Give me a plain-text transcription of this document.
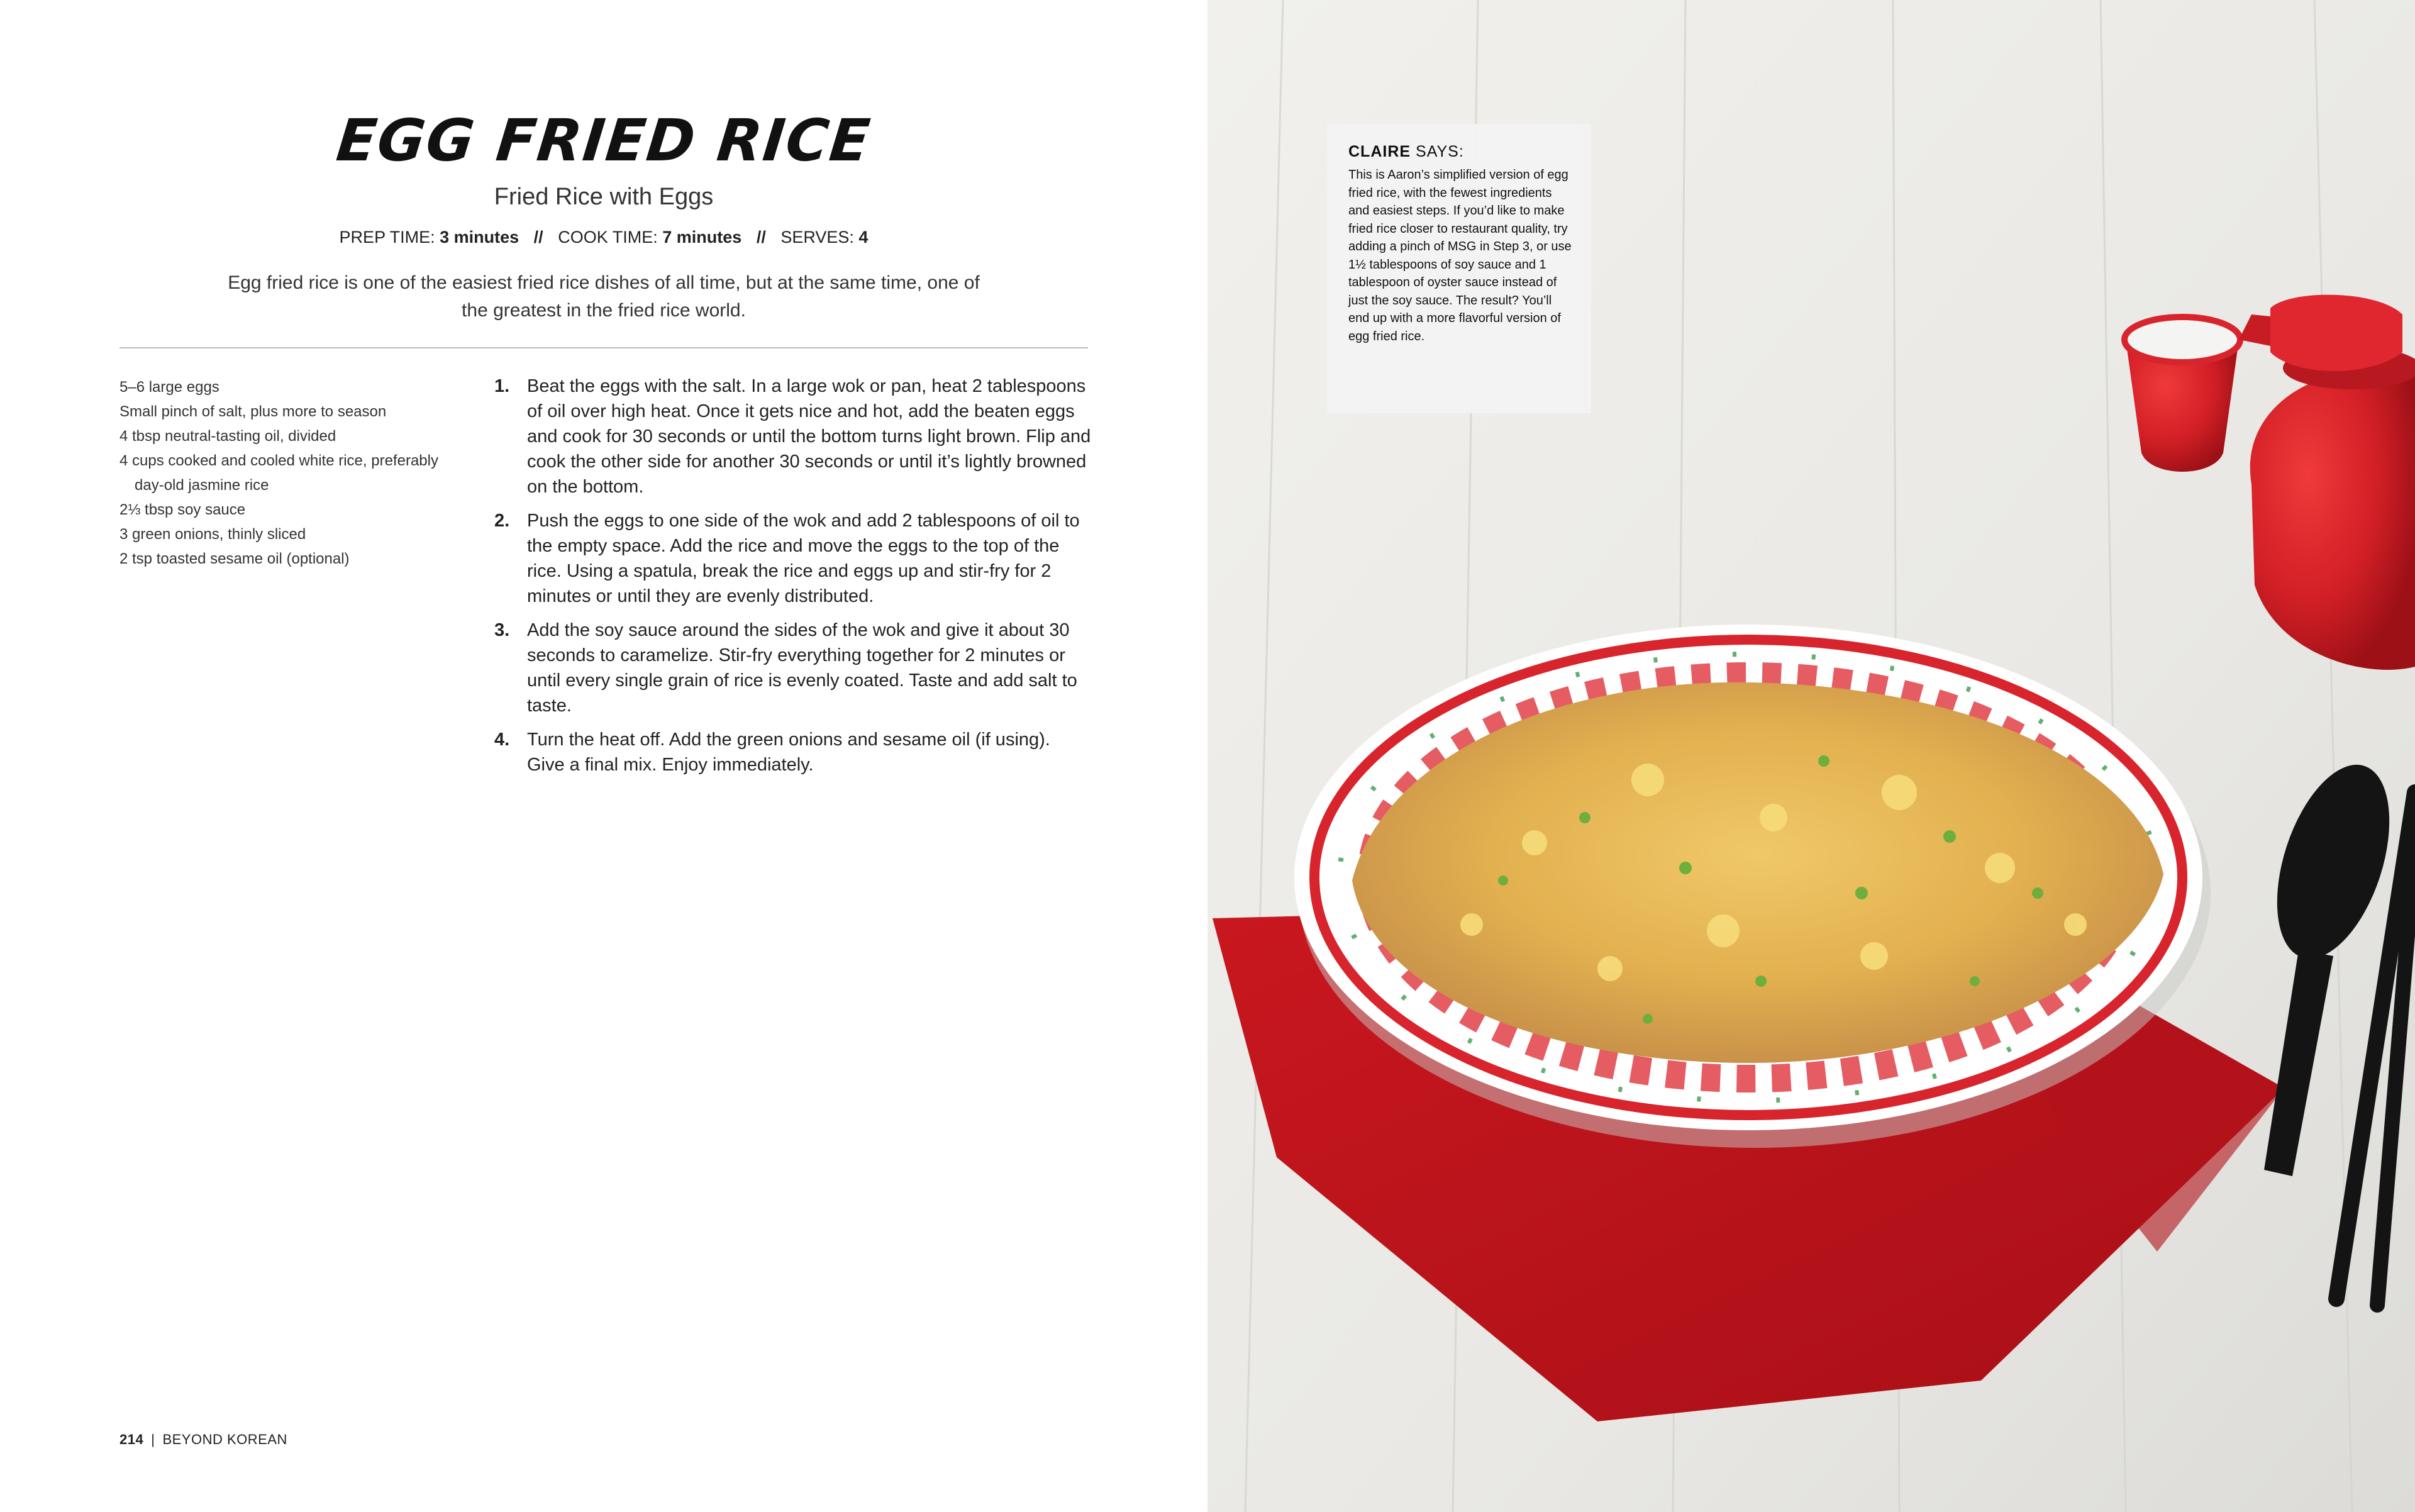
EGG FRIED RICE
Fried Rice with Eggs
PREP TIME: 3 minutes // COOK TIME: 7 minutes // SERVES: 4
Egg fried rice is one of the easiest fried rice dishes of all time, but at the same time, one of the greatest in the fried rice world.
5–6 large eggs
Small pinch of salt, plus more to season
4 tbsp neutral-tasting oil, divided
4 cups cooked and cooled white rice, preferably day-old jasmine rice
2⅓ tbsp soy sauce
3 green onions, thinly sliced
2 tsp toasted sesame oil (optional)
1. Beat the eggs with the salt. In a large wok or pan, heat 2 tablespoons of oil over high heat. Once it gets nice and hot, add the beaten eggs and cook for 30 seconds or until the bottom turns light brown. Flip and cook the other side for another 30 seconds or until it’s lightly browned on the bottom.
2. Push the eggs to one side of the wok and add 2 tablespoons of oil to the empty space. Add the rice and move the eggs to the top of the rice. Using a spatula, break the rice and eggs up and stir-fry for 2 minutes or until they are evenly distributed.
3. Add the soy sauce around the sides of the wok and give it about 30 seconds to caramelize. Stir-fry everything together for 2 minutes or until every single grain of rice is evenly coated. Taste and add salt to taste.
4. Turn the heat off. Add the green onions and sesame oil (if using). Give a final mix. Enjoy immediately.
214 | BEYOND KOREAN
CLAIRE SAYS:
This is Aaron’s simplified version of egg fried rice, with the fewest ingredients and easiest steps. If you’d like to make fried rice closer to restaurant quality, try adding a pinch of MSG in Step 3, or use 1½ tablespoons of soy sauce and 1 tablespoon of oyster sauce instead of just the soy sauce. The result? You’ll end up with a more flavorful version of egg fried rice.
